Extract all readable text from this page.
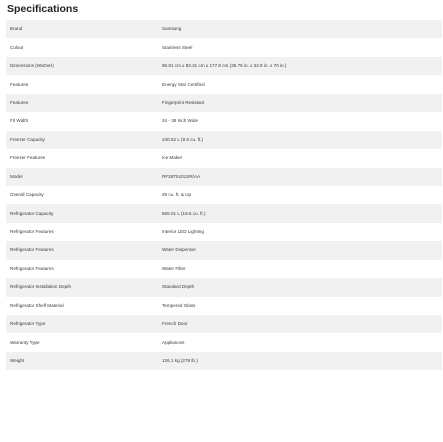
Specifications
Brand	Samsung
Colour	Stainless Steel
Dimensions (WxDxH)	90.81 cm x 83.31 cm x 177.8 cm (35.75 in. x 32.8 in. x 70 in.)
Features	Energy Star Certified
Features	Fingerprint Resistant
Fit Width	34 - 36 Inch Wide
Freezer Capacity	240.52 L (8.5 cu. ft.)
Freezer Features	Ice Maker
Model	RF28T5101SR/AA
Overall Capacity	25 cu. ft. & Up
Refrigerator Capacity	555.01 L (19.6 cu. ft.)
Refrigerator Features	Interior LED Lighting
Refrigerator Features	Water Dispenser
Refrigerator Features	Water Filter
Refrigerator Installation Depth	Standard Depth
Refrigerator Shelf Material	Tempered Glass
Refrigerator Type	French Door
Warranty Type	Appliances
Weight	126.1 kg (278 lb.)
